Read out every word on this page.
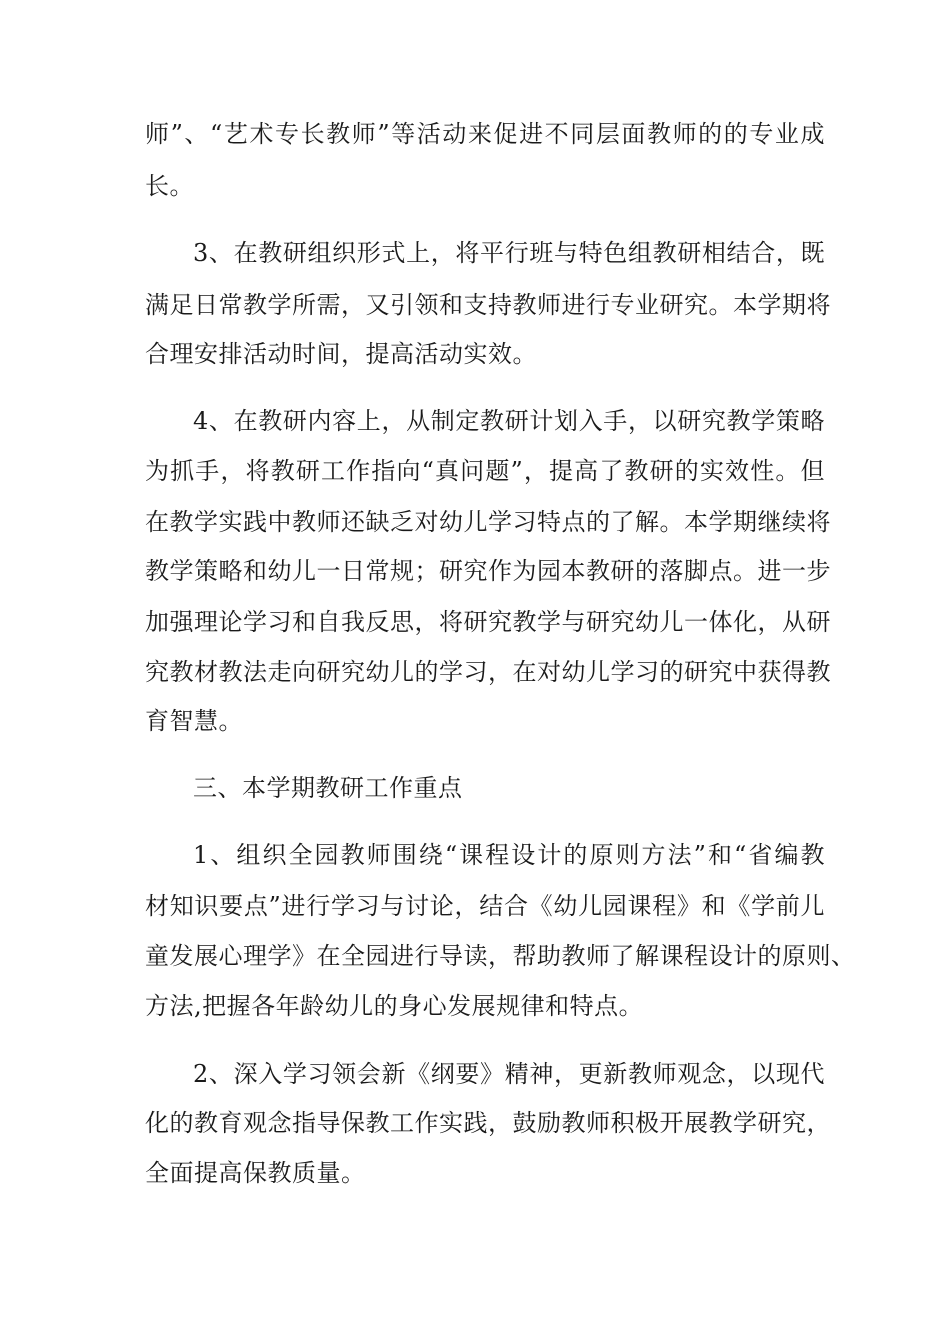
师”、“艺术专长教师”等活动来促进不同层面教师的的专业成
长。
3、在教研组织形式上，将平行班与特色组教研相结合，既
满足日常教学所需，又引领和支持教师进行专业研究。本学期将
合理安排活动时间，提高活动实效。
4、在教研内容上，从制定教研计划入手，以研究教学策略
为抓手，将教研工作指向“真问题”，提高了教研的实效性。但
在教学实践中教师还缺乏对幼儿学习特点的了解。本学期继续将
教学策略和幼儿一日常规；研究作为园本教研的落脚点。进一步
加强理论学习和自我反思，将研究教学与研究幼儿一体化，从研
究教材教法走向研究幼儿的学习，在对幼儿学习的研究中获得教
育智慧。
三、本学期教研工作重点
1、组织全园教师围绕“课程设计的原则方法”和“省编教
材知识要点”进行学习与讨论，结合《幼儿园课程》和《学前儿
童发展心理学》在全园进行导读，帮助教师了解课程设计的原则、
方法,把握各年龄幼儿的身心发展规律和特点。
2、深入学习领会新《纲要》精神，更新教师观念，以现代
化的教育观念指导保教工作实践，鼓励教师积极开展教学研究，
全面提高保教质量。
